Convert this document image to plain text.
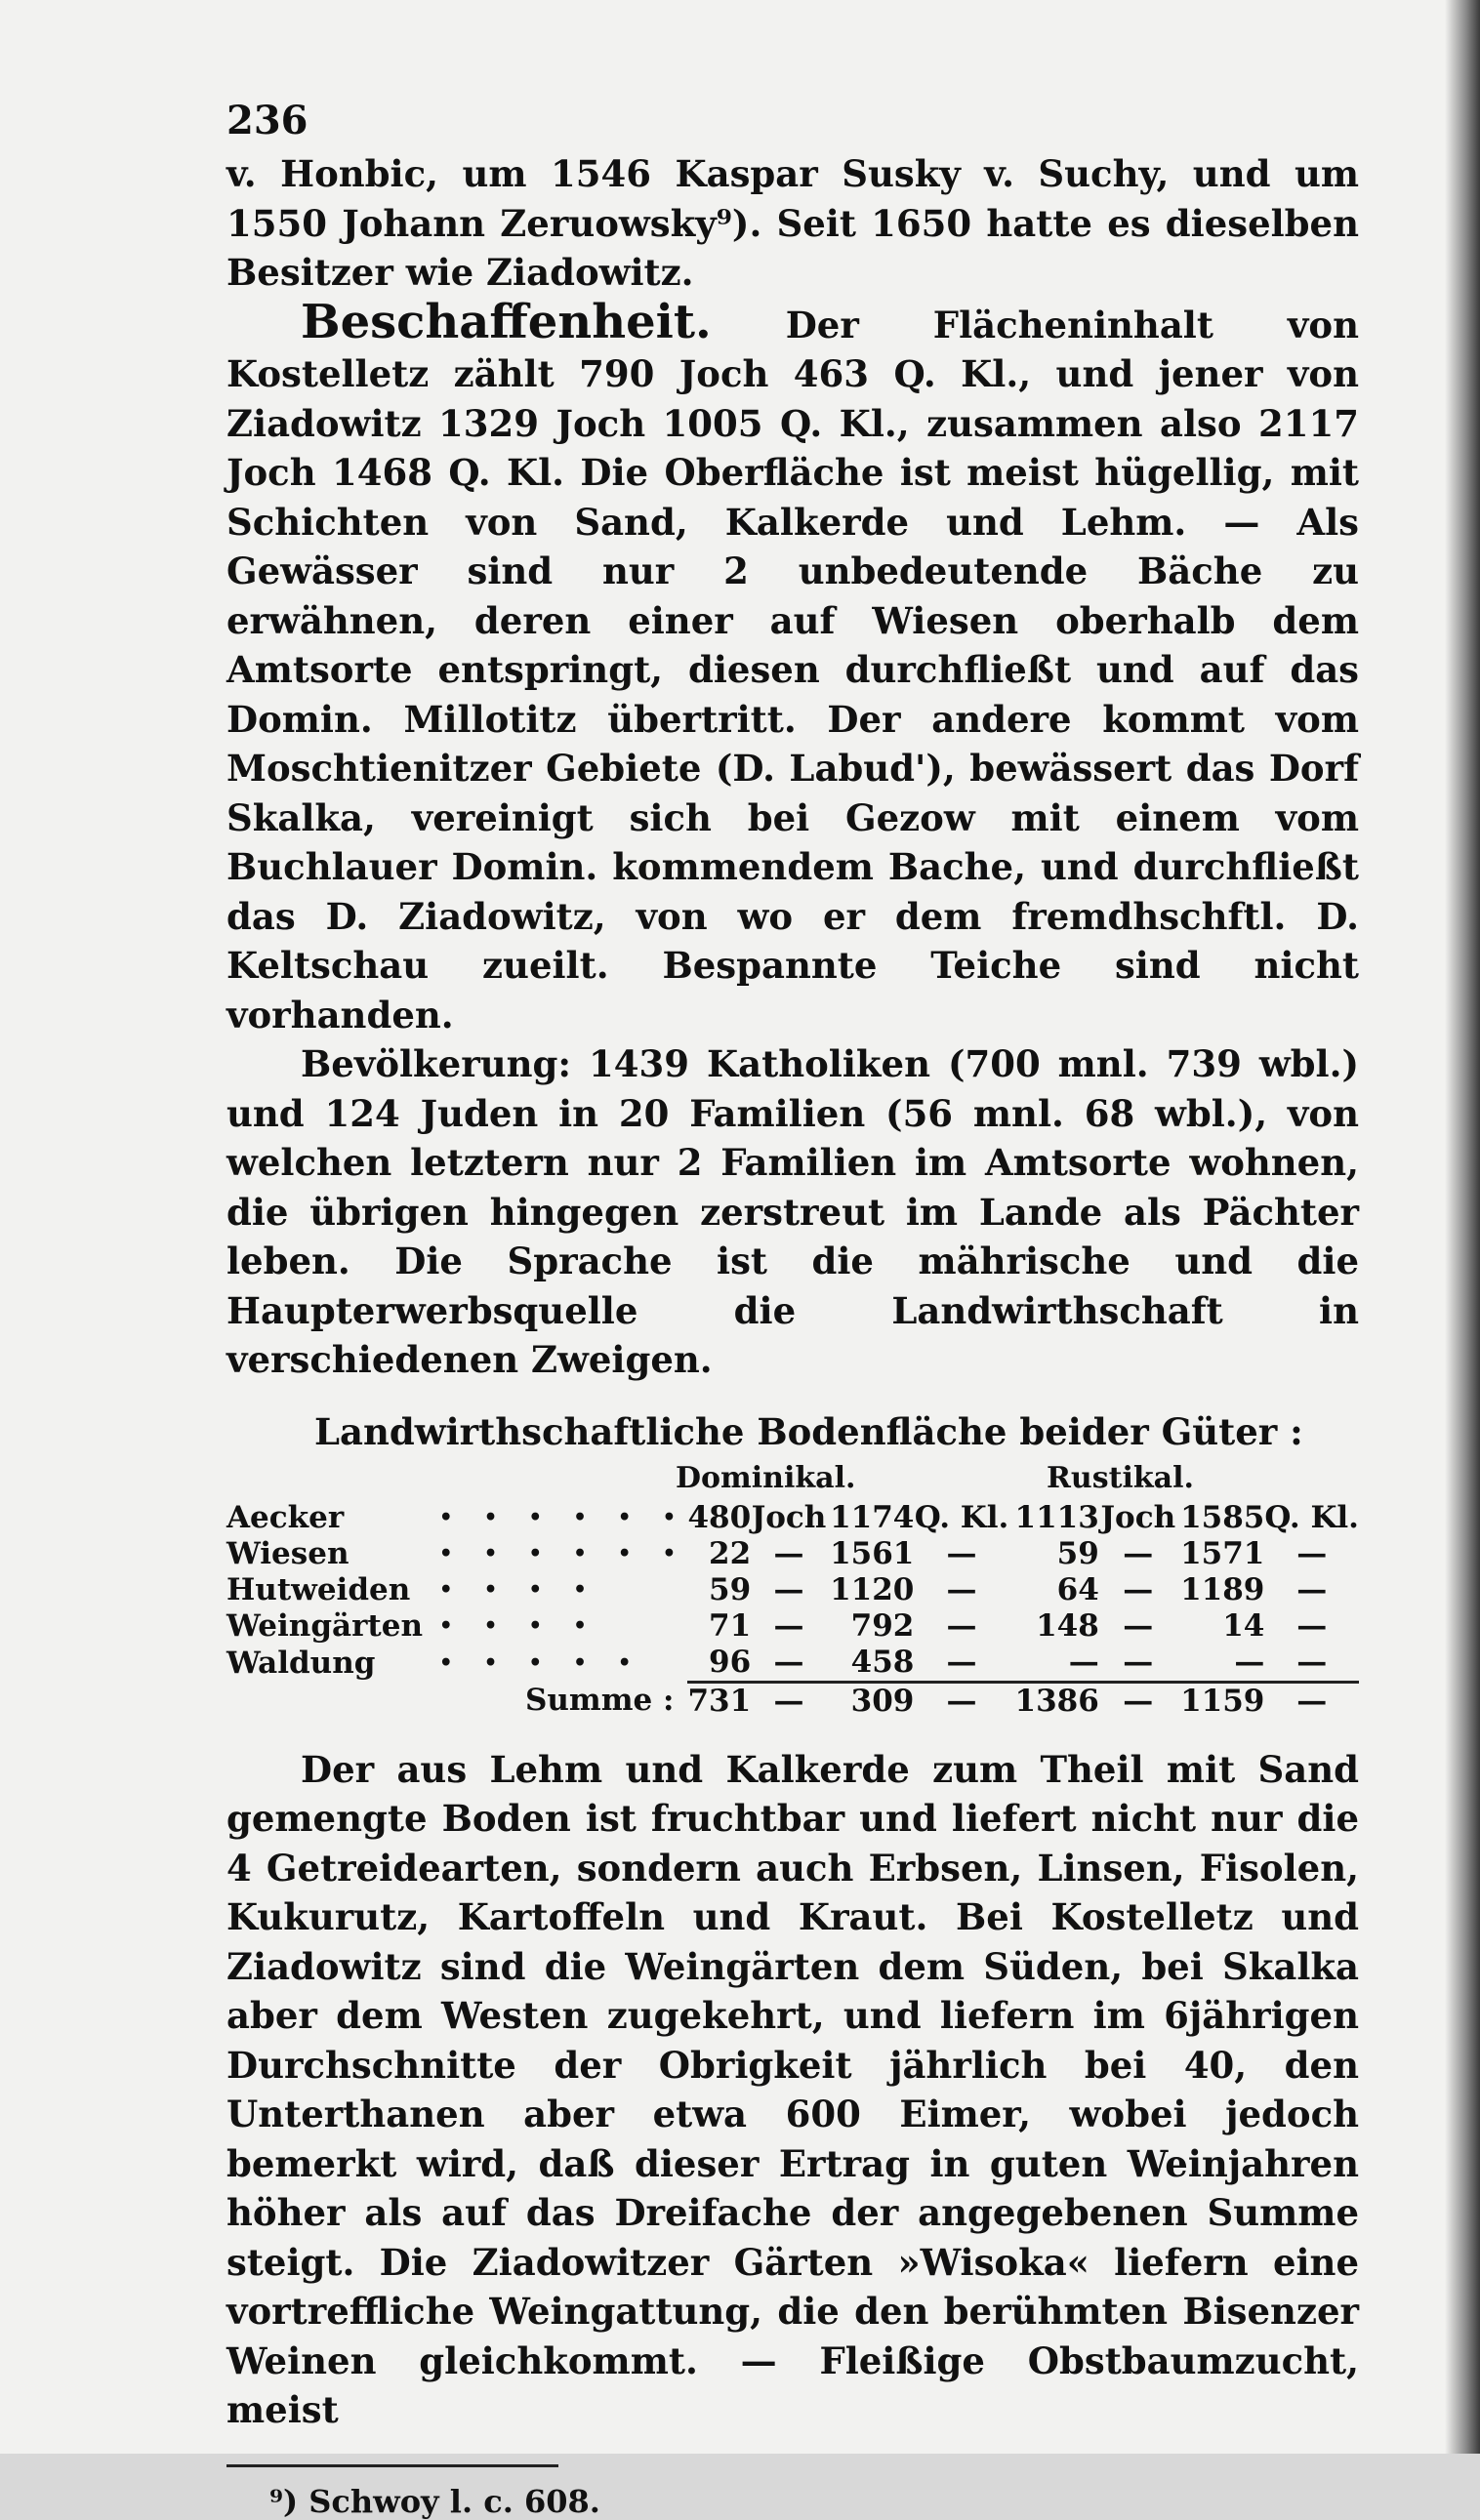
236

v. Honbic, um 1546 Kaspar Susky v. Suchy, und um 1550 Johann Zeruowsky⁹). Seit 1650 hatte es dieselben Besitzer wie Ziadowitz.

Beschaffenheit. Der Flächeninhalt von Kostelletz zählt 790 Joch 463 Q. Kl., und jener von Ziadowitz 1329 Joch 1005 Q. Kl., zusammen also 2117 Joch 1468 Q. Kl. Die Oberfläche ist meist hügellig, mit Schichten von Sand, Kalkerde und Lehm. — Als Gewässer sind nur 2 unbedeutende Bäche zu erwähnen, deren einer auf Wiesen oberhalb dem Amtsorte entspringt, diesen durchfließt und auf das Domin. Millotitz übertritt. Der andere kommt vom Moschtienitzer Gebiete (D. Labud'), bewässert das Dorf Skalka, vereinigt sich bei Gezow mit einem vom Buchlauer Domin. kommendem Bache, und durchfließt das D. Ziadowitz, von wo er dem fremdhschftl. D. Keltschau zueilt. Bespannte Teiche sind nicht vorhanden.

Bevölkerung: 1439 Katholiken (700 mnl. 739 wbl.) und 124 Juden in 20 Familien (56 mnl. 68 wbl.), von welchen letztern nur 2 Familien im Amtsorte wohnen, die übrigen hingegen zerstreut im Lande als Pächter leben. Die Sprache ist die mährische und die Haupterwerbsquelle die Landwirthschaft in verschiedenen Zweigen.

Landwirthschaftliche Bodenfläche beider Güter :
Dominikal.	Rustikal.
Aecker	• • • • • •	480	Joch	1174	Q. Kl.	1113	Joch	1585	Q. Kl.
Wiesen	• • • • • •	22	—	1561	—	59	—	1571	—
Hutweiden	• • • •	59	—	1120	—	64	—	1189	—
Weingärten	• • • •	71	—	792	—	148	—	14	—
Waldung	• • • • •	96	—	458	—	—	—	—	—
	Summe :	731	—	309	—	1386	—	1159	—

Der aus Lehm und Kalkerde zum Theil mit Sand gemengte Boden ist fruchtbar und liefert nicht nur die 4 Getreidearten, sondern auch Erbsen, Linsen, Fisolen, Kukurutz, Kartoffeln und Kraut. Bei Kostelletz und Ziadowitz sind die Weingärten dem Süden, bei Skalka aber dem Westen zugekehrt, und liefern im 6jährigen Durchschnitte der Obrigkeit jährlich bei 40, den Unterthanen aber etwa 600 Eimer, wobei jedoch bemerkt wird, daß dieser Ertrag in guten Weinjahren höher als auf das Dreifache der angegebenen Summe steigt. Die Ziadowitzer Gärten »Wisoka« liefern eine vortreffliche Weingattung, die den berühmten Bisenzer Weinen gleichkommt. — Fleißige Obstbaumzucht, meist

⁹) Schwoy l. c. 608.
